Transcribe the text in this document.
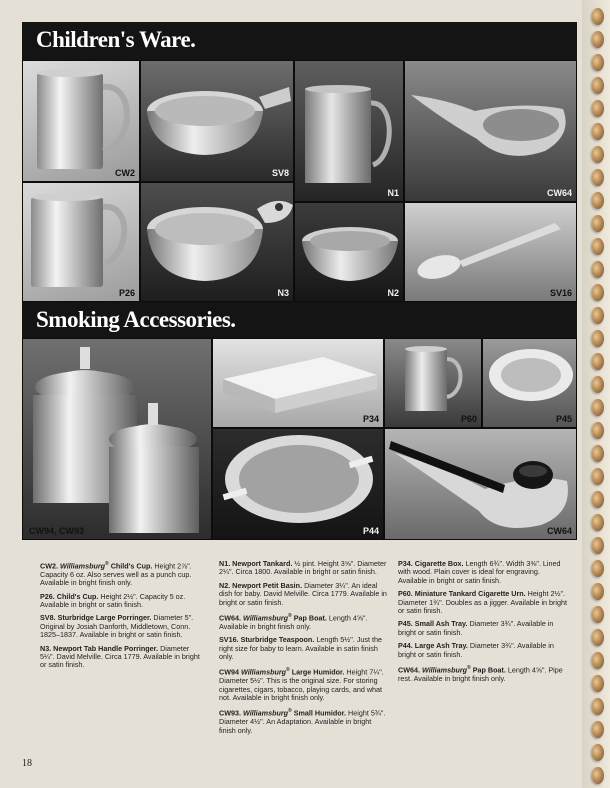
Children's Ware.
CW2	SV8
N1	CW64
P26	N3	N2	SV16
Smoking Accessories.
CW94, CW93
P34	P60	P45
P44	CW64

CW2. Williamsburg® Child's Cup. Height 2⅞". Capacity 6 oz. Also serves well as a punch cup. Available in bright finish only.

P26. Child's Cup. Height 2½". Capacity 5 oz. Available in bright or satin finish.

SV8. Sturbridge Large Porringer. Diameter 5". Original by Josiah Danforth, Middletown, Conn. 1825–1837. Available in bright or satin finish.

N3. Newport Tab Handle Porringer. Diameter 5¼". David Melville. Circa 1779. Available in bright or satin finish.

N1. Newport Tankard. ½ pint. Height 3⅝". Diameter 2¼". Circa 1800. Available in bright or satin finish.

N2. Newport Petit Basin. Diameter 3¼". An ideal dish for baby. David Melville. Circa 1779. Available in bright or satin finish.

CW64. Williamsburg® Pap Boat. Length 4⅝". Available in bright finish only.

SV16. Sturbridge Teaspoon. Length 5½". Just the right size for baby to learn. Available in satin finish only.

CW94 Williamsburg® Large Humidor. Height 7¼". Diameter 5½". This is the original size. For storing cigarettes, cigars, tobacco, playing cards, and what not. Available in bright finish only.

CW93. Williamsburg® Small Humidor. Height 5¾". Diameter 4½". An Adaptation. Available in bright finish only.

P34. Cigarette Box. Length 6¾". Width 3⅜". Lined with wood. Plain cover is ideal for engraving. Available in bright or satin finish.

P60. Miniature Tankard Cigarette Urn. Height 2½". Diameter 1¾". Doubles as a jigger. Available in bright or satin finish.

P45. Small Ash Tray. Diameter 3¾". Available in bright or satin finish.

P44. Large Ash Tray. Diameter 3¾". Available in bright or satin finish.

CW64. Williamsburg® Pap Boat. Length 4⅝". Pipe rest. Available in bright finish only.

18
